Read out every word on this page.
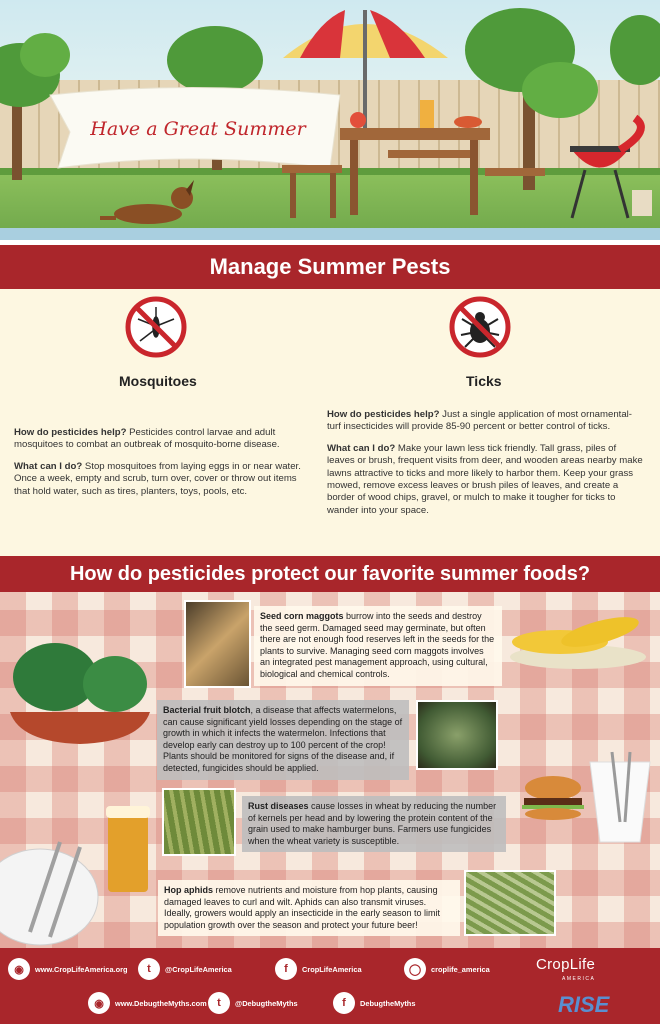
Have a Great Summer
Manage Summer Pests
Mosquitoes	Ticks

How do pesticides help? Pesticides control larvae and adult mosquitoes to combat an outbreak of mosquito-borne disease.

What can I do? Stop mosquitoes from laying eggs in or near water. Once a week, empty and scrub, turn over, cover or throw out items that hold water, such as tires, planters, toys, pools, etc.

How do pesticides help? Just a single application of most ornamental-turf insecticides will provide 85-90 percent or better control of ticks.

What can I do? Make your lawn less tick friendly. Tall grass, piles of leaves or brush, frequent visits from deer, and wooden areas nearby make lawns attractive to ticks and more likely to harbor them. Keep your grass mowed, remove excess leaves or brush piles of leaves, and create a border of wood chips, gravel, or mulch to make it tougher for ticks to wander into your space.

How do pesticides protect our favorite summer foods?
Seed corn maggots burrow into the seeds and destroy the seed germ. Damaged seed may germinate, but often there are not enough food reserves left in the seeds for the plants to survive. Managing seed corn maggots involves an integrated pest management approach, using cultural, biological and chemical controls.
Bacterial fruit blotch, a disease that affects watermelons, can cause significant yield losses depending on the stage of growth in which it infects the watermelon. Infections that develop early can destroy up to 100 percent of the crop! Plants should be monitored for signs of the disease and, if detected, fungicides should be applied.
Rust diseases cause losses in wheat by reducing the number of kernels per head and by lowering the protein content of the grain used to make hamburger buns. Farmers use fungicides when the wheat variety is susceptible.
Hop aphids remove nutrients and moisture from hop plants, causing damaged leaves to curl and wilt. Aphids can also transmit viruses. Ideally, growers would apply an insecticide in the early season to limit population growth over the season and protect your future beer!
◉	www.CropLifeAmerica.org	t	@CropLifeAmerica	f	CropLifeAmerica	◯	croplife_america
◉	www.DebugtheMyths.com t	@DebugtheMyths	f	DebugtheMyths
CropLife
AMERICA
RISE
